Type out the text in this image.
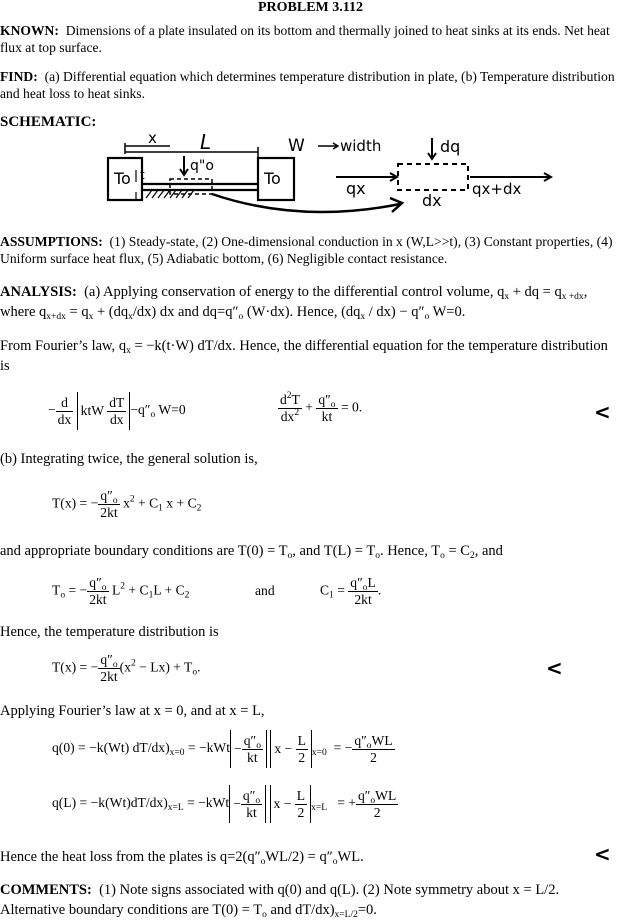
PROBLEM 3.112
KNOWN: Dimensions of a plate insulated on its bottom and thermally joined to heat sinks at its ends. Net heat flux at top surface.
FIND: (a) Differential equation which determines temperature distribution in plate, (b) Temperature distribution and heat loss to heat sinks.
SCHEMATIC:
x L
q"o
t
To	To
W width	dq
qx	qx+dx
dx
ASSUMPTIONS: (1) Steady-state, (2) One-dimensional conduction in x (W,L>>t), (3) Constant properties, (4) Uniform surface heat flux, (5) Adiabatic bottom, (6) Negligible contact resistance.
ANALYSIS: (a) Applying conservation of energy to the differential control volume, $q_x$ + dq = $q_{x +dx}$, where $q_{x+dx} = q_x + (dq_x/dx)$ dx and $dq=q''_o$ (W·dx). Hence, $(dq_x / dx) - q''_o$ W=0.
From Fourier’s law, $q_x = -k(t\cdot W)$ dT/dx. Hence, the differential equation for the temperature distribution is
− $\frac{d}{dx}$ ktW $\frac{dT}{dx} -q''_o$ W=0	$\frac{d^2T}{dx^2} + \frac{q''_o}{kt} = 0$.	<
(b) Integrating twice, the general solution is,
T(x) = − $\frac{q''_o}{2kt} x^2 + C_1$ $x + C_2$
and appropriate boundary conditions are $T(0) = T_o$, and $T(L) = T_o$. Hence, $T_o = C_2$, and
$T_o$ = − $\frac{q''_o}{2kt} L^2 + C_1L + C_2$	and	$C_1 = \frac{q''_oL}{2kt}$ .
Hence, the temperature distribution is
T(x) = − $\frac{q''_o}{2kt} (x^2 - Lx) + T_o$.	<
Applying Fourier’s law at x = 0, and at x = L,
q(0) = −k(Wt) $dT/dx)_{x=0} = -kWt - \frac{q''_o}{kt}$ $x - \frac{L}{2} _{x=0}$  = − $\frac{q''_oWL}{2}$
$q(L) = -k(Wt)dT/dx)_{x=L} = -kWt - \frac{q''_o}{kt}$ $x - \frac{L}{2} _{x=L}$   = + $\frac{q''_oWL}{2}$
Hence the heat loss from the plates is $q=2(q''_oWL/2) = q''_oWL$.	<
COMMENTS: (1) Note signs associated with q(0) and q(L). (2) Note symmetry about x = L/2. Alternative boundary conditions are $T(0) = T_o$ and $dT/dx)_{x=L/2}=0$.
